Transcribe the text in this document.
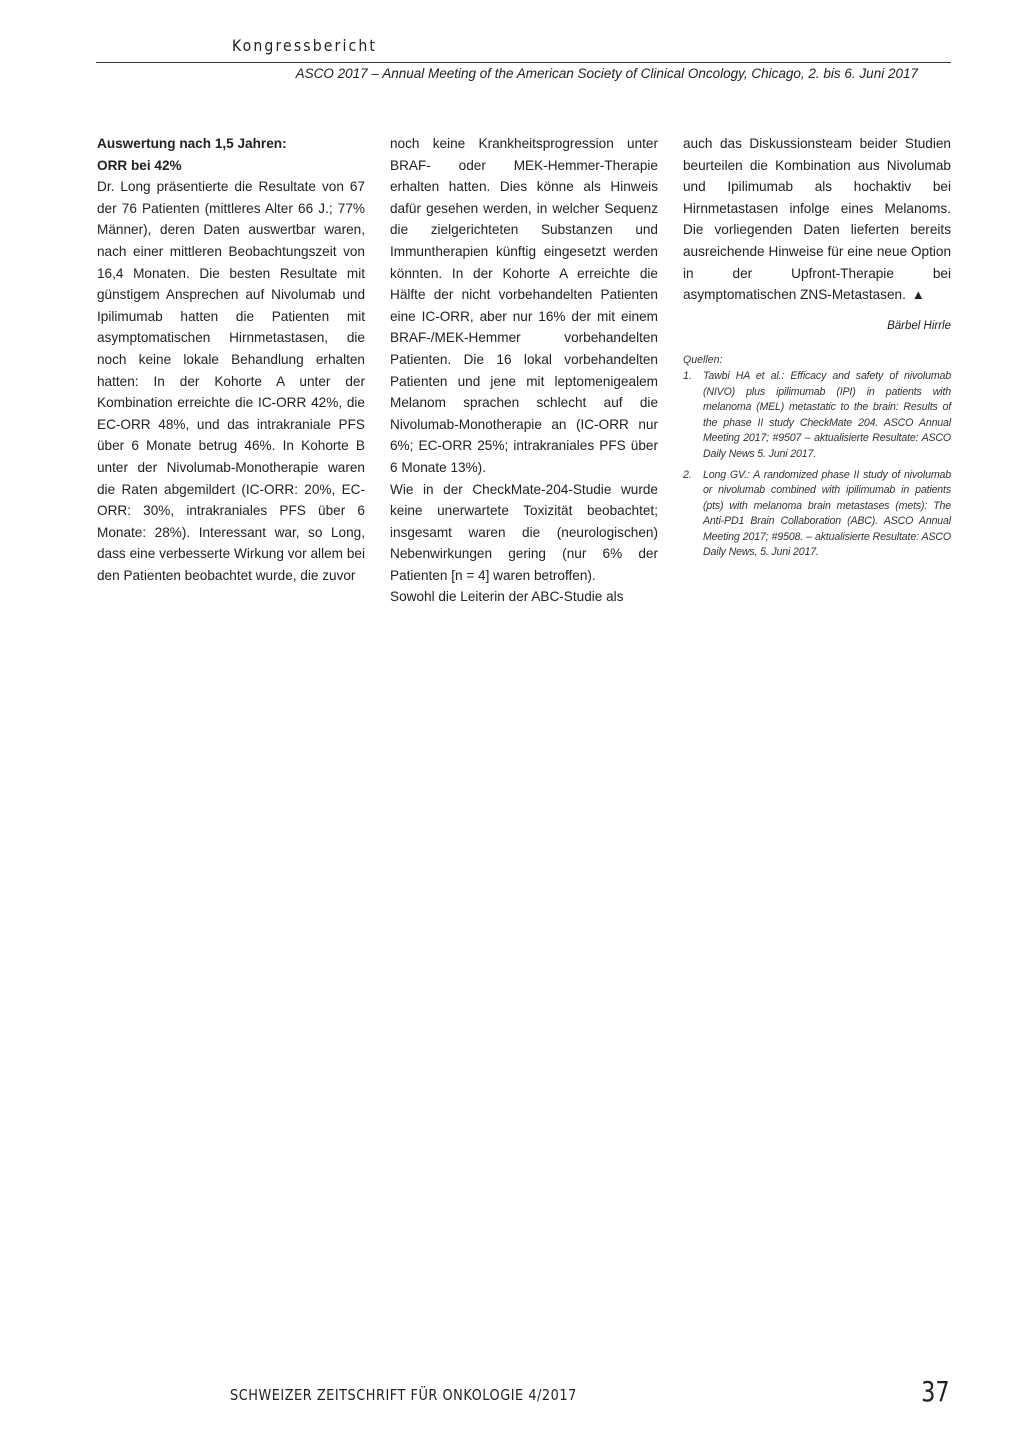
Kongressbericht
ASCO 2017 – Annual Meeting of the American Society of Clinical Oncology, Chicago, 2. bis 6. Juni 2017

Auswertung nach 1,5 Jahren:

ORR bei 42%

Dr. Long präsentierte die Resultate von 67 der 76 Patienten (mittleres Alter 66 J.; 77% Männer), deren Daten auswertbar waren, nach einer mittleren Beobachtungszeit von 16,4 Monaten. Die besten Resultate mit günstigem Ansprechen auf Nivolumab und Ipilimumab hatten die Patienten mit asymptomatischen Hirnmetastasen, die noch keine lokale Behandlung erhalten hatten: In der Kohorte A unter der Kombination erreichte die IC-ORR 42%, die EC-ORR 48%, und das intrakraniale PFS über 6 Monate betrug 46%. In Kohorte B unter der Nivolumab-Monotherapie waren die Raten abgemildert (IC-ORR: 20%, EC-ORR: 30%, intrakraniales PFS über 6 Monate: 28%). Interessant war, so Long, dass eine verbesserte Wirkung vor allem bei den Patienten beobachtet wurde, die zuvor

noch keine Krankheitsprogression unter BRAF- oder MEK-Hemmer-Therapie erhalten hatten. Dies könne als Hinweis dafür gesehen werden, in welcher Sequenz die zielgerichteten Substanzen und Immuntherapien künftig eingesetzt werden könnten. In der Kohorte A erreichte die Hälfte der nicht vorbehandelten Patienten eine IC-ORR, aber nur 16% der mit einem BRAF-/MEK-Hemmer vorbehandelten Patienten. Die 16 lokal vorbehandelten Patienten und jene mit leptomenigealem Melanom sprachen schlecht auf die Nivolumab-Monotherapie an (IC-ORR nur 6%; EC-ORR 25%; intrakraniales PFS über 6 Monate 13%).

Wie in der CheckMate-204-Studie wurde keine unerwartete Toxizität beobachtet; insgesamt waren die (neurologischen) Nebenwirkungen gering (nur 6% der Patienten [n = 4] waren betroffen).

Sowohl die Leiterin der ABC-Studie als

auch das Diskussionsteam beider Studien beurteilen die Kombination aus Nivolumab und Ipilimumab als hochaktiv bei Hirnmetastasen infolge eines Melanoms. Die vorliegenden Daten lieferten bereits ausreichende Hinweise für eine neue Option in der Upfront-Therapie bei asymptomatischen ZNS-Metastasen. ▲

Bärbel Hirrle

Quellen:

1.	Tawbi HA et al.: Efficacy and safety of nivolumab (NIVO) plus ipilimumab (IPI) in patients with melanoma (MEL) metastatic to the brain: Results of the phase II study CheckMate 204. ASCO Annual Meeting 2017; #9507 – aktualisierte Resultate: ASCO Daily News 5. Juni 2017.
2.	Long GV.: A randomized phase II study of nivolumab or nivolumab combined with ipilimumab in patients (pts) with melanoma brain metastases (mets): The Anti-PD1 Brain Collaboration (ABC). ASCO Annual Meeting 2017; #9508. – aktualisierte Resultate: ASCO Daily News, 5. Juni 2017.
SCHWEIZER ZEITSCHRIFT FÜR ONKOLOGIE 4/2017	37
